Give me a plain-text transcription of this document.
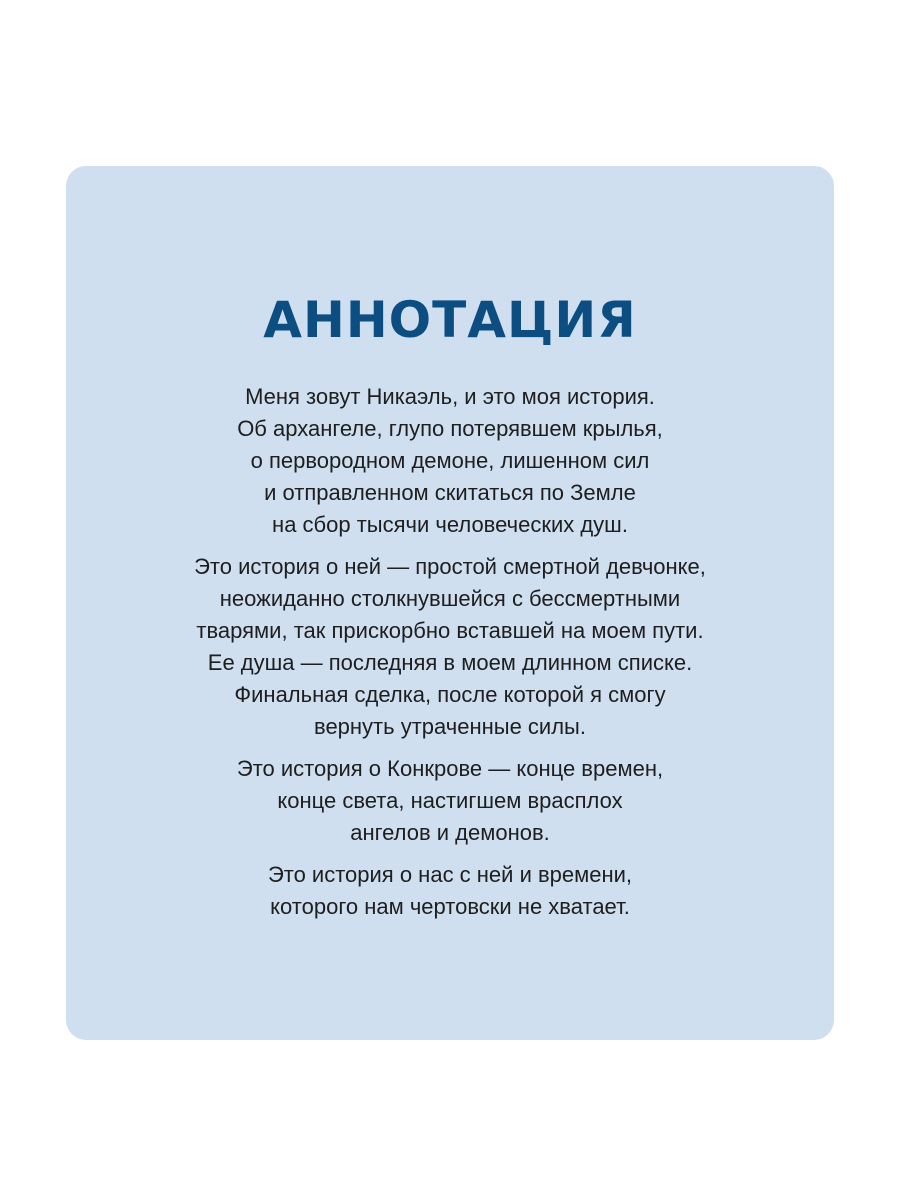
АННОТАЦИЯ

Меня зовут Никаэль, и это моя история.
Об архангеле, глупо потерявшем крылья,
о первородном демоне, лишенном сил
и отправленном скитаться по Земле
на сбор тысячи человеческих душ.

Это история о ней — простой смертной девчонке,
неожиданно столкнувшейся с бессмертными
тварями, так прискорбно вставшей на моем пути.
Ее душа — последняя в моем длинном списке.
Финальная сделка, после которой я смогу
вернуть утраченные силы.

Это история о Конкрове — конце времен,
конце света, настигшем врасплох
ангелов и демонов.

Это история о нас с ней и времени,
которого нам чертовски не хватает.
